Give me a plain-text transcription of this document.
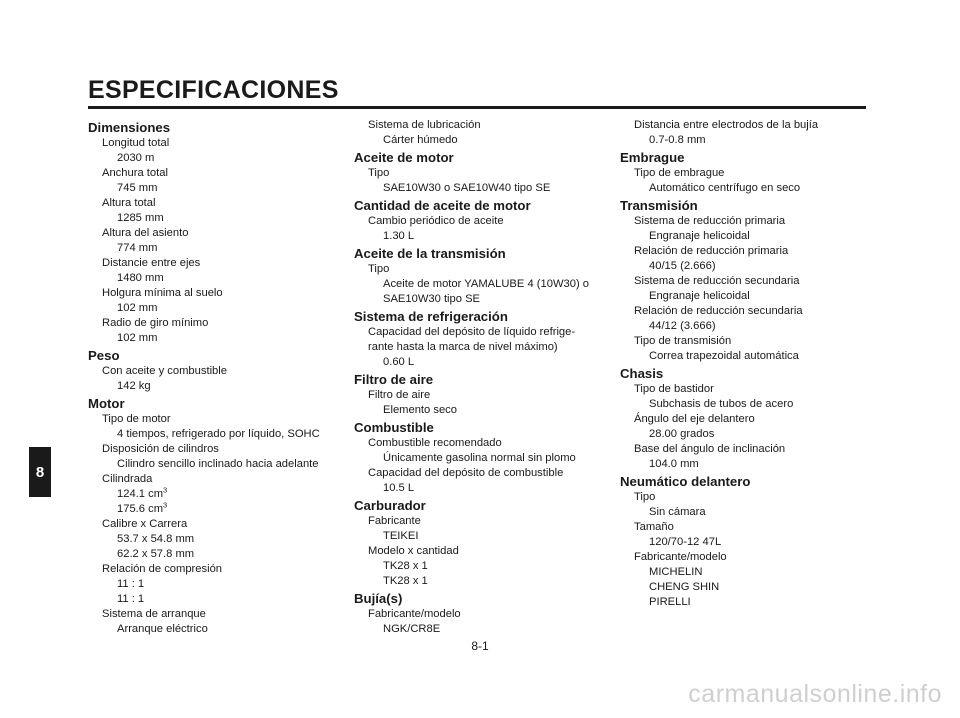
ESPECIFICACIONES
Dimensiones
Longitud total
2030 m
Anchura total
745 mm
Altura total
1285 mm
Altura del asiento
774 mm
Distancie entre ejes
1480 mm
Holgura mínima al suelo
102 mm
Radio de giro mínimo
102 mm
Peso
Con aceite y combustible
142 kg
Motor
Tipo de motor
4 tiempos, refrigerado por líquido, SOHC
Disposición de cilindros
Cilindro sencillo inclinado hacia adelante
Cilindrada
124.1 $cm^3$
175.6 $cm^3$
Calibre x Carrera
53.7 x 54.8 mm
62.2 x 57.8 mm
Relación de compresión
11 : 1
11 : 1
Sistema de arranque
Arranque eléctrico
Sistema de lubricación
Cárter húmedo
Aceite de motor
Tipo
SAE10W30 o SAE10W40 tipo SE
Cantidad de aceite de motor
Cambio periódico de aceite
1.30 L
Aceite de la transmisión
Tipo
Aceite de motor YAMALUBE 4 (10W30) o
SAE10W30 tipo SE
Sistema de refrigeración
Capacidad del depósito de líquido refrige-
rante hasta la marca de nivel máximo)
0.60 L
Filtro de aire
Filtro de aire
Elemento seco
Combustible
Combustible recomendado
Únicamente gasolina normal sin plomo
Capacidad del depósito de combustible
10.5 L
Carburador
Fabricante
TEIKEI
Modelo x cantidad
TK28 x 1
TK28 x 1
Bujía(s)
Fabricante/modelo
NGK/CR8E
Distancia entre electrodos de la bujía
0.7-0.8 mm
Embrague
Tipo de embrague
Automático centrífugo en seco
Transmisión
Sistema de reducción primaria
Engranaje helicoidal
Relación de reducción primaria
40/15 (2.666)
Sistema de reducción secundaria
Engranaje helicoidal
Relación de reducción secundaria
44/12 (3.666)
Tipo de transmisión
Correa trapezoidal automática
Chasis
Tipo de bastidor
Subchasis de tubos de acero
Ángulo del eje delantero
28.00 grados
Base del ángulo de inclinación
104.0 mm
Neumático delantero
Tipo
Sin cámara
Tamaño
120/70-12 47L
Fabricante/modelo
MICHELIN
CHENG SHIN
PIRELLI
8
8-1
carmanualsonline.info
